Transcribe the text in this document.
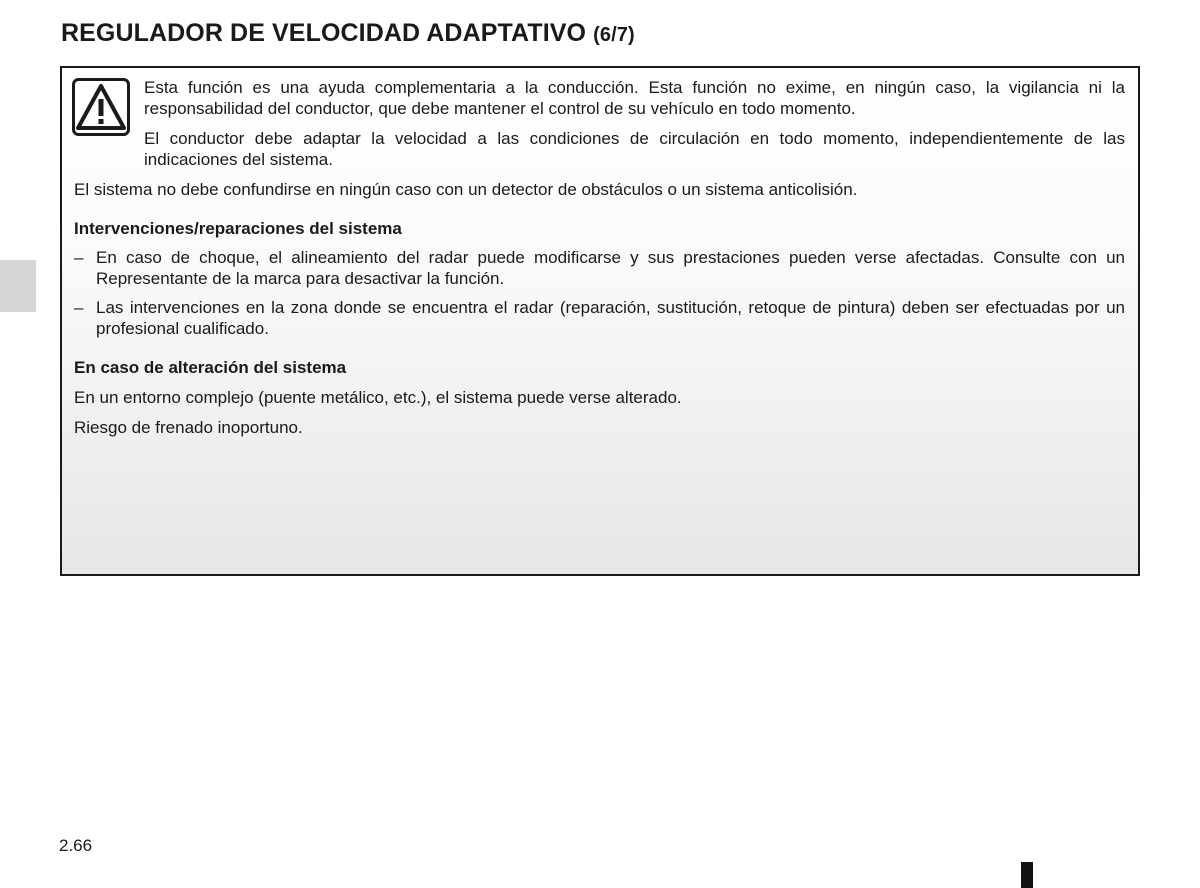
REGULADOR DE VELOCIDAD ADAPTATIVO (6/7)

Esta función es una ayuda complementaria a la conducción. Esta función no exime, en ningún caso, la vigilancia ni la responsabilidad del conductor, que debe mantener el control de su vehículo en todo momento.

El conductor debe adaptar la velocidad a las condiciones de circulación en todo momento, independientemente de las indicaciones del sistema.

El sistema no debe confundirse en ningún caso con un detector de obstáculos o un sistema anticolisión.

Intervenciones/reparaciones del sistema

– En caso de choque, el alineamiento del radar puede modificarse y sus prestaciones pueden verse afectadas. Consulte con un Representante de la marca para desactivar la función.
– Las intervenciones en la zona donde se encuentra el radar (reparación, sustitución, retoque de pintura) deben ser efectuadas por un profesional cualificado.

En caso de alteración del sistema

En un entorno complejo (puente metálico, etc.), el sistema puede verse alterado.

Riesgo de frenado inoportuno.

2.66
